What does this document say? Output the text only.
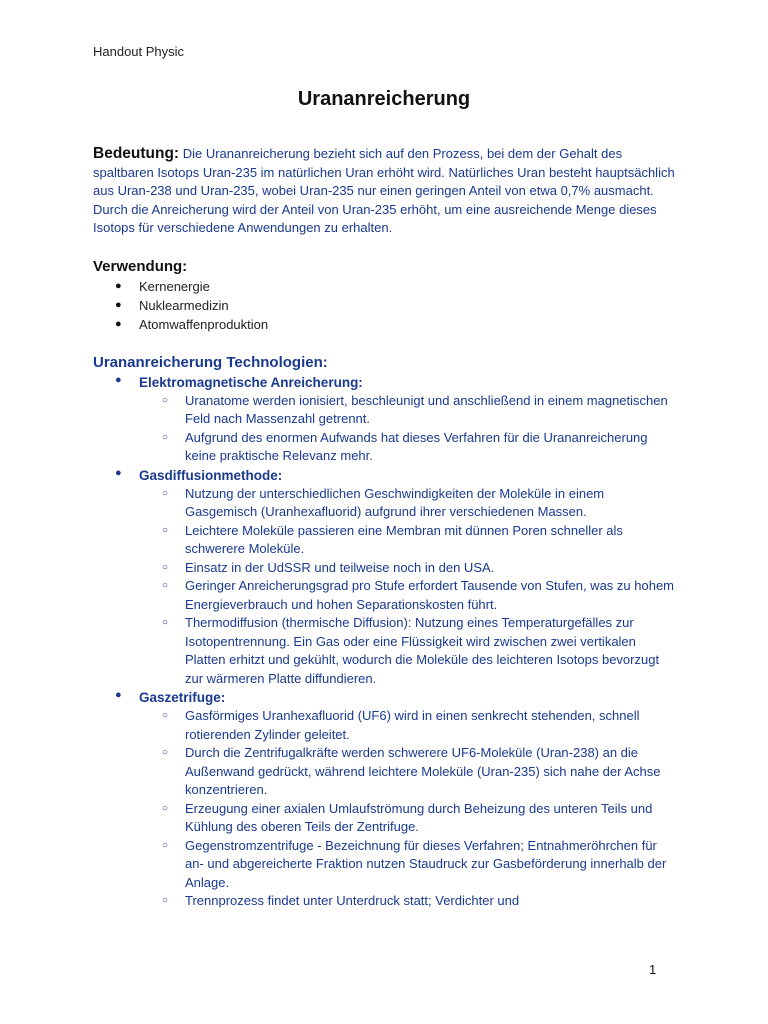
Handout Physic
Urananreicherung

Bedeutung: Die Urananreicherung bezieht sich auf den Prozess, bei dem der Gehalt des spaltbaren Isotops Uran-235 im natürlichen Uran erhöht wird. Natürliches Uran besteht hauptsächlich aus Uran-238 und Uran-235, wobei Uran-235 nur einen geringen Anteil von etwa 0,7% ausmacht. Durch die Anreicherung wird der Anteil von Uran-235 erhöht, um eine ausreichende Menge dieses Isotops für verschiedene Anwendungen zu erhalten.

Verwendung:
● Kernenergie
● Nuklearmedizin
● Atomwaffenproduktion
Urananreicherung Technologien:
● Elektromagnetische Anreicherung:
○ Uranatome werden ionisiert, beschleunigt und anschließend in einem magnetischen Feld nach Massenzahl getrennt.
○ Aufgrund des enormen Aufwands hat dieses Verfahren für die Urananreicherung keine praktische Relevanz mehr.
● Gasdiffusionmethode:
○ Nutzung der unterschiedlichen Geschwindigkeiten der Moleküle in einem Gasgemisch (Uranhexafluorid) aufgrund ihrer verschiedenen Massen.
○ Leichtere Moleküle passieren eine Membran mit dünnen Poren schneller als schwerere Moleküle.
○ Einsatz in der UdSSR und teilweise noch in den USA.
○ Geringer Anreicherungsgrad pro Stufe erfordert Tausende von Stufen, was zu hohem Energieverbrauch und hohen Separationskosten führt.
○ Thermodiffusion (thermische Diffusion): Nutzung eines Temperaturgefälles zur Isotopentrennung. Ein Gas oder eine Flüssigkeit wird zwischen zwei vertikalen Platten erhitzt und gekühlt, wodurch die Moleküle des leichteren Isotops bevorzugt zur wärmeren Platte diffundieren.
● Gaszetrifuge:
○ Gasförmiges Uranhexafluorid (UF6) wird in einen senkrecht stehenden, schnell rotierenden Zylinder geleitet.
○ Durch die Zentrifugalkräfte werden schwerere UF6-Moleküle (Uran-238) an die Außenwand gedrückt, während leichtere Moleküle (Uran-235) sich nahe der Achse konzentrieren.
○ Erzeugung einer axialen Umlaufströmung durch Beheizung des unteren Teils und Kühlung des oberen Teils der Zentrifuge.
○ Gegenstromzentrifuge - Bezeichnung für dieses Verfahren; Entnahmeröhrchen für an- und abgereicherte Fraktion nutzen Staudruck zur Gasbeförderung innerhalb der Anlage.
○ Trennprozess findet unter Unterdruck statt; Verdichter und
1
